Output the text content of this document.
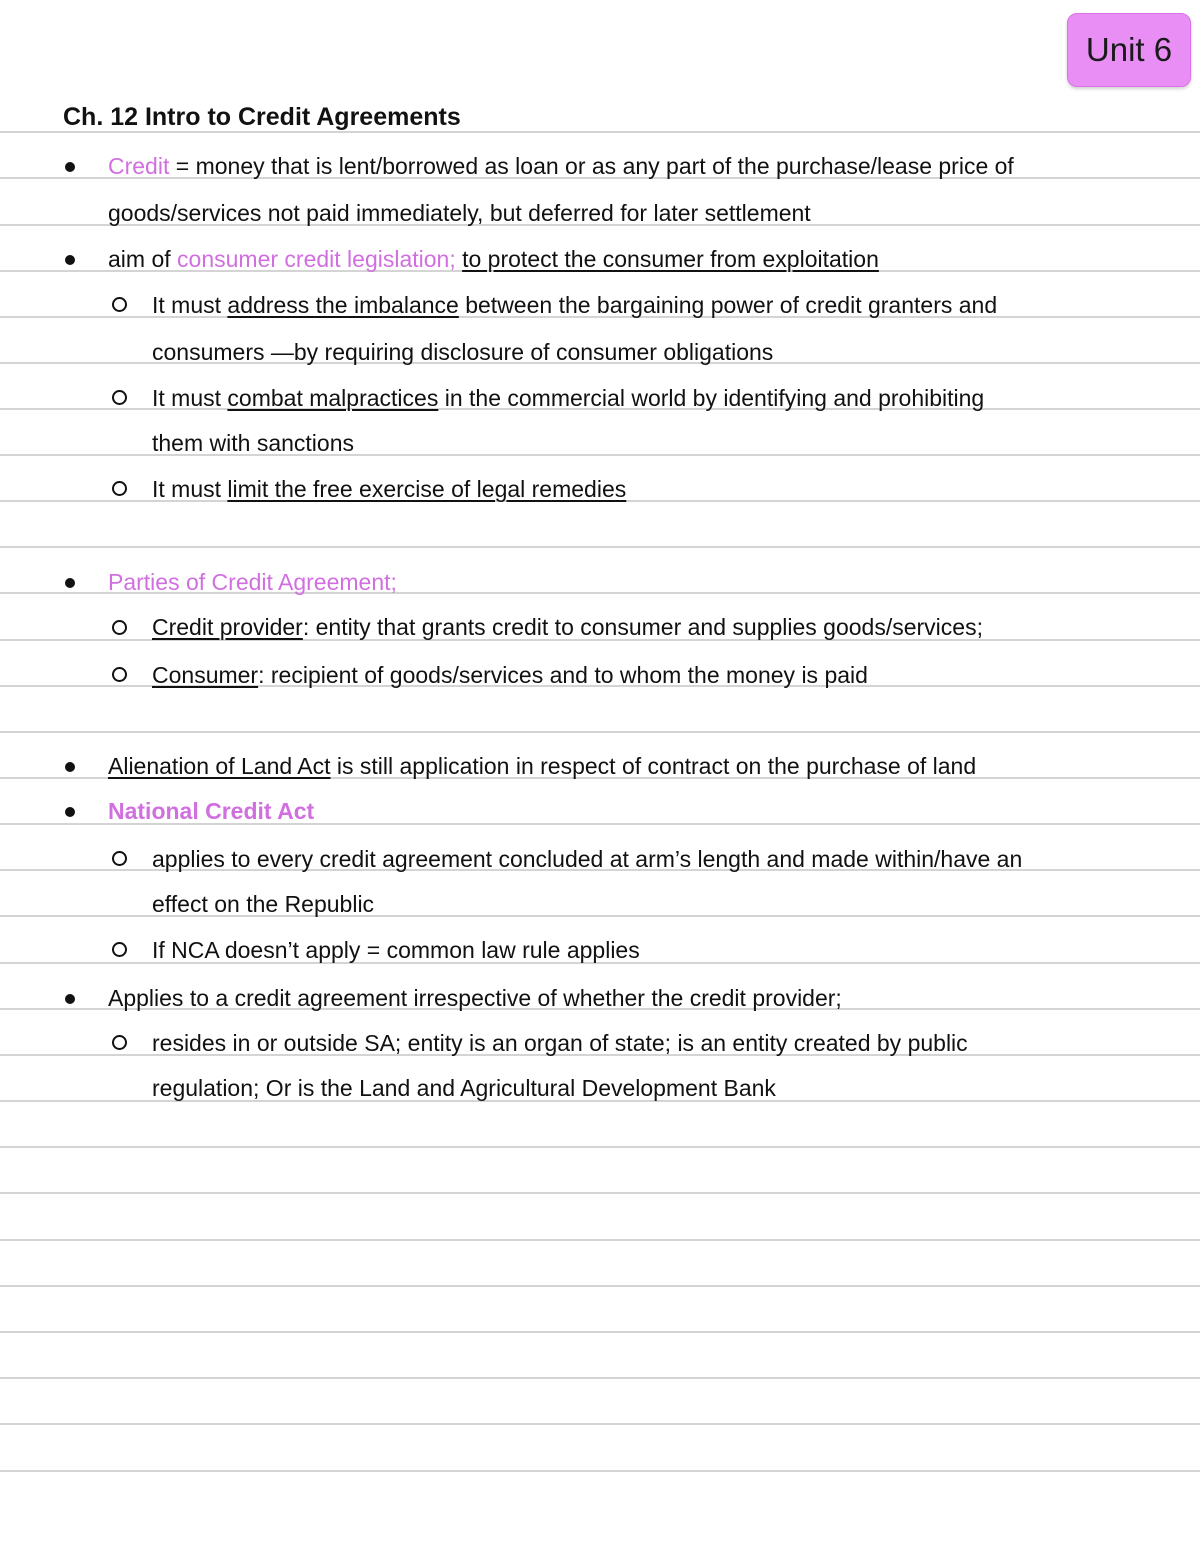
Unit 6
Ch. 12 Intro to Credit Agreements
Credit = money that is lent/borrowed as loan or as any part of the purchase/lease price of
goods/services not paid immediately, but deferred for later settlement
aim of consumer credit legislation; to protect the consumer from exploitation
It must address the imbalance between the bargaining power of credit granters and
consumers —by requiring disclosure of consumer obligations
It must combat malpractices in the commercial world by identifying and prohibiting
them with sanctions
It must limit the free exercise of legal remedies
Parties of Credit Agreement;
Credit provider: entity that grants credit to consumer and supplies goods/services;
Consumer: recipient of goods/services and to whom the money is paid
Alienation of Land Act is still application in respect of contract on the purchase of land
National Credit Act
applies to every credit agreement concluded at arm’s length and made within/have an
effect on the Republic
If NCA doesn’t apply = common law rule applies
Applies to a credit agreement irrespective of whether the credit provider;
resides in or outside SA; entity is an organ of state; is an entity created by public
regulation; Or is the Land and Agricultural Development Bank
